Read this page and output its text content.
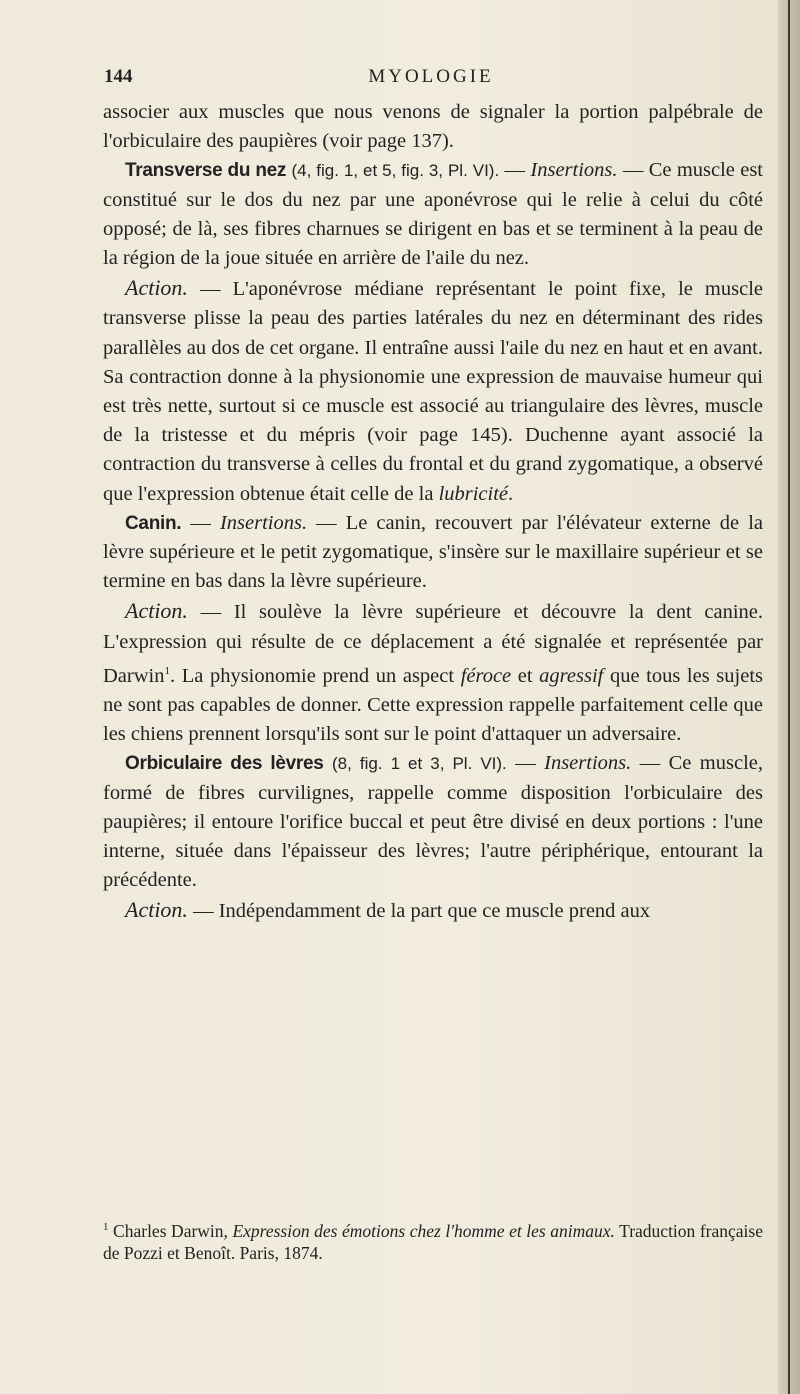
144	MYOLOGIE

associer aux muscles que nous venons de signaler la portion palpébrale de l'orbiculaire des paupières (voir page 137).

Transverse du nez (4, fig. 1, et 5, fig. 3, Pl. VI). — Insertions. — Ce muscle est constitué sur le dos du nez par une aponévrose qui le relie à celui du côté opposé; de là, ses fibres charnues se dirigent en bas et se terminent à la peau de la région de la joue située en arrière de l'aile du nez.

Action. — L'aponévrose médiane représentant le point fixe, le muscle transverse plisse la peau des parties latérales du nez en déterminant des rides parallèles au dos de cet organe. Il entraîne aussi l'aile du nez en haut et en avant. Sa contraction donne à la physionomie une expression de mauvaise humeur qui est très nette, surtout si ce muscle est associé au triangulaire des lèvres, muscle de la tristesse et du mépris (voir page 145). Duchenne ayant associé la contraction du transverse à celles du frontal et du grand zygomatique, a observé que l'expression obtenue était celle de la lubricité.

Canin. — Insertions. — Le canin, recouvert par l'élévateur externe de la lèvre supérieure et le petit zygomatique, s'insère sur le maxillaire supérieur et se termine en bas dans la lèvre supérieure.

Action. — Il soulève la lèvre supérieure et découvre la dent canine. L'expression qui résulte de ce déplacement a été signalée et représentée par Darwin$^1$. La physionomie prend un aspect féroce et agressif que tous les sujets ne sont pas capables de donner. Cette expression rappelle parfaitement celle que les chiens prennent lorsqu'ils sont sur le point d'attaquer un adversaire.

Orbiculaire des lèvres (8, fig. 1 et 3, Pl. VI). — Insertions. — Ce muscle, formé de fibres curvilignes, rappelle comme disposition l'orbiculaire des paupières; il entoure l'orifice buccal et peut être divisé en deux portions : l'une interne, située dans l'épaisseur des lèvres; l'autre périphérique, entourant la précédente.

Action. — Indépendamment de la part que ce muscle prend aux

$^1$ Charles Darwin, Expression des émotions chez l'homme et les animaux. Traduction française de Pozzi et Benoît. Paris, 1874.
